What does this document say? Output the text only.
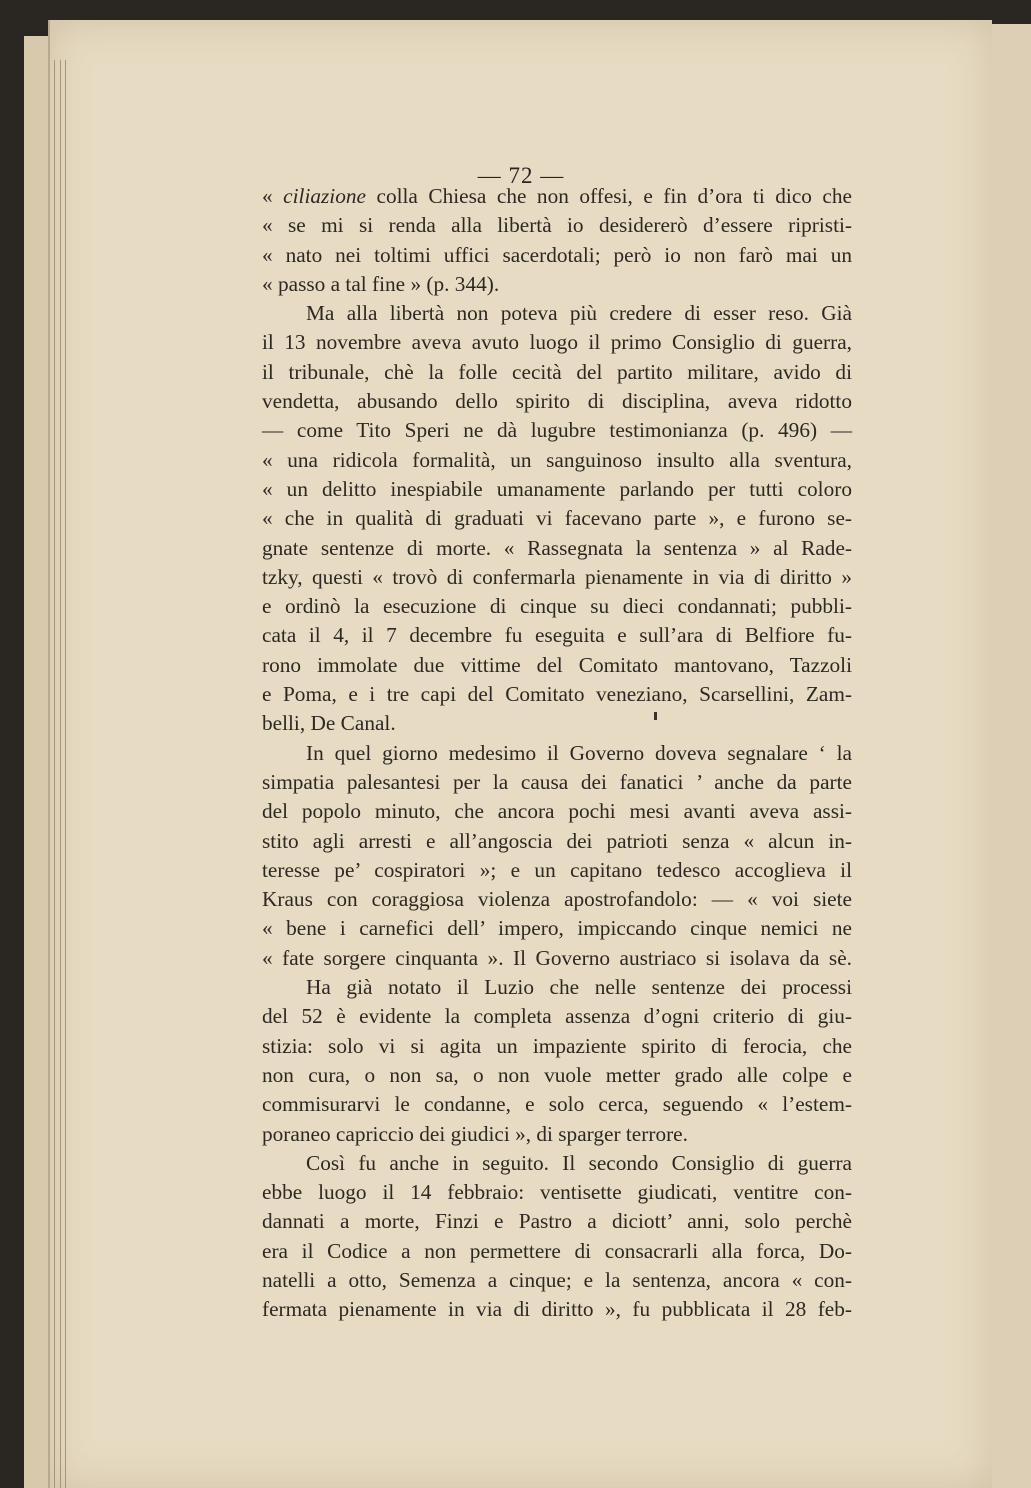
— 72 —
« ciliazione colla Chiesa che non offesi, e fin d’ora ti dico che
« se mi si renda alla libertà io desidererò d’essere ripristi-
« nato nei toltimi uffici sacerdotali; però io non farò mai un
« passo a tal fine » (p. 344).
Ma alla libertà non poteva più credere di esser reso. Già
il 13 novembre aveva avuto luogo il primo Consiglio di guerra,
il tribunale, chè la folle cecità del partito militare, avido di
vendetta, abusando dello spirito di disciplina, aveva ridotto
— come Tito Speri ne dà lugubre testimonianza (p. 496) —
« una ridicola formalità, un sanguinoso insulto alla sventura,
« un delitto inespiabile umanamente parlando per tutti coloro
« che in qualità di graduati vi facevano parte », e furono se-
gnate sentenze di morte. « Rassegnata la sentenza » al Rade-
tzky, questi « trovò di confermarla pienamente in via di diritto »
e ordinò la esecuzione di cinque su dieci condannati; pubbli-
cata il 4, il 7 decembre fu eseguita e sull’ara di Belfiore fu-
rono immolate due vittime del Comitato mantovano, Tazzoli
e Poma, e i tre capi del Comitato veneziano, Scarsellini, Zam-
belli, De Canal.
In quel giorno medesimo il Governo doveva segnalare ‘ la
simpatia palesantesi per la causa dei fanatici ’ anche da parte
del popolo minuto, che ancora pochi mesi avanti aveva assi-
stito agli arresti e all’angoscia dei patrioti senza « alcun in-
teresse pe’ cospiratori »; e un capitano tedesco accoglieva il
Kraus con coraggiosa violenza apostrofandolo: — « voi siete
« bene i carnefici dell’ impero, impiccando cinque nemici ne
« fate sorgere cinquanta ». Il Governo austriaco si isolava da sè.
Ha già notato il Luzio che nelle sentenze dei processi
del 52 è evidente la completa assenza d’ogni criterio di giu-
stizia: solo vi si agita un impaziente spirito di ferocia, che
non cura, o non sa, o non vuole metter grado alle colpe e
commisurarvi le condanne, e solo cerca, seguendo « l’estem-
poraneo capriccio dei giudici », di sparger terrore.
Così fu anche in seguito. Il secondo Consiglio di guerra
ebbe luogo il 14 febbraio: ventisette giudicati, ventitre con-
dannati a morte, Finzi e Pastro a diciott’ anni, solo perchè
era il Codice a non permettere di consacrarli alla forca, Do-
natelli a otto, Semenza a cinque; e la sentenza, ancora « con-
fermata pienamente in via di diritto », fu pubblicata il 28 feb-
